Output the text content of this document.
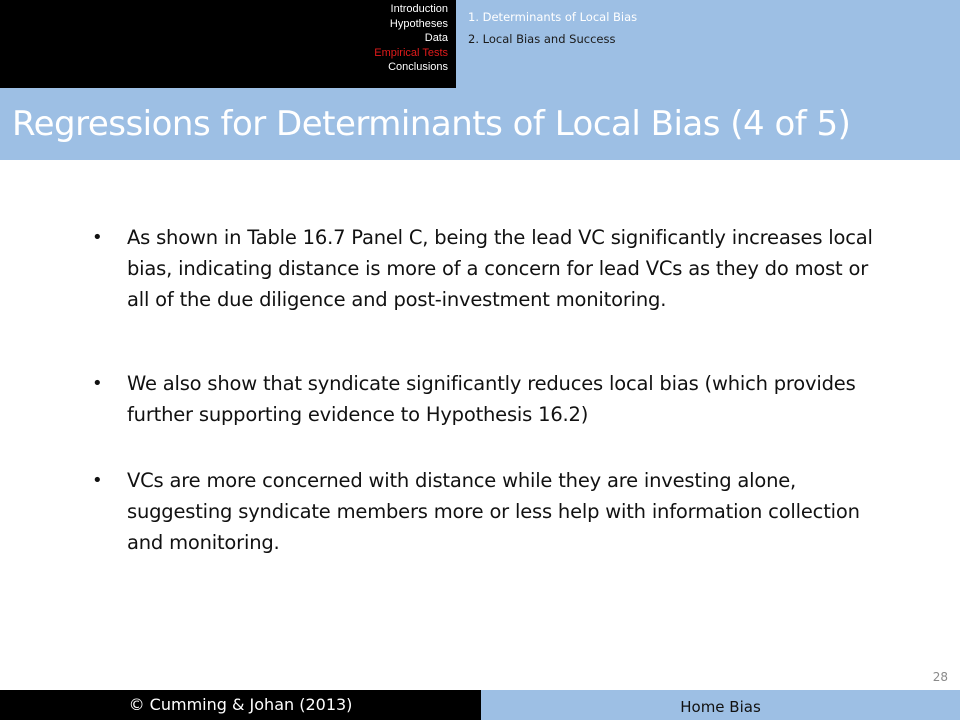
Introduction
Hypotheses
Data
Empirical Tests
Conclusions
1. Determinants of Local Bias
2. Local Bias and Success
Regressions for Determinants of Local Bias (4 of 5)
• As shown in Table 16.7 Panel C, being the lead VC significantly increases local bias, indicating distance is more of a concern for lead VCs as they do most or all of the due diligence and post-investment monitoring.
• We also show that syndicate significantly reduces local bias (which provides further supporting evidence to Hypothesis 16.2)
• VCs are more concerned with distance while they are investing alone, suggesting syndicate members more or less help with information collection and monitoring.
28
© Cumming & Johan (2013)	Home Bias
